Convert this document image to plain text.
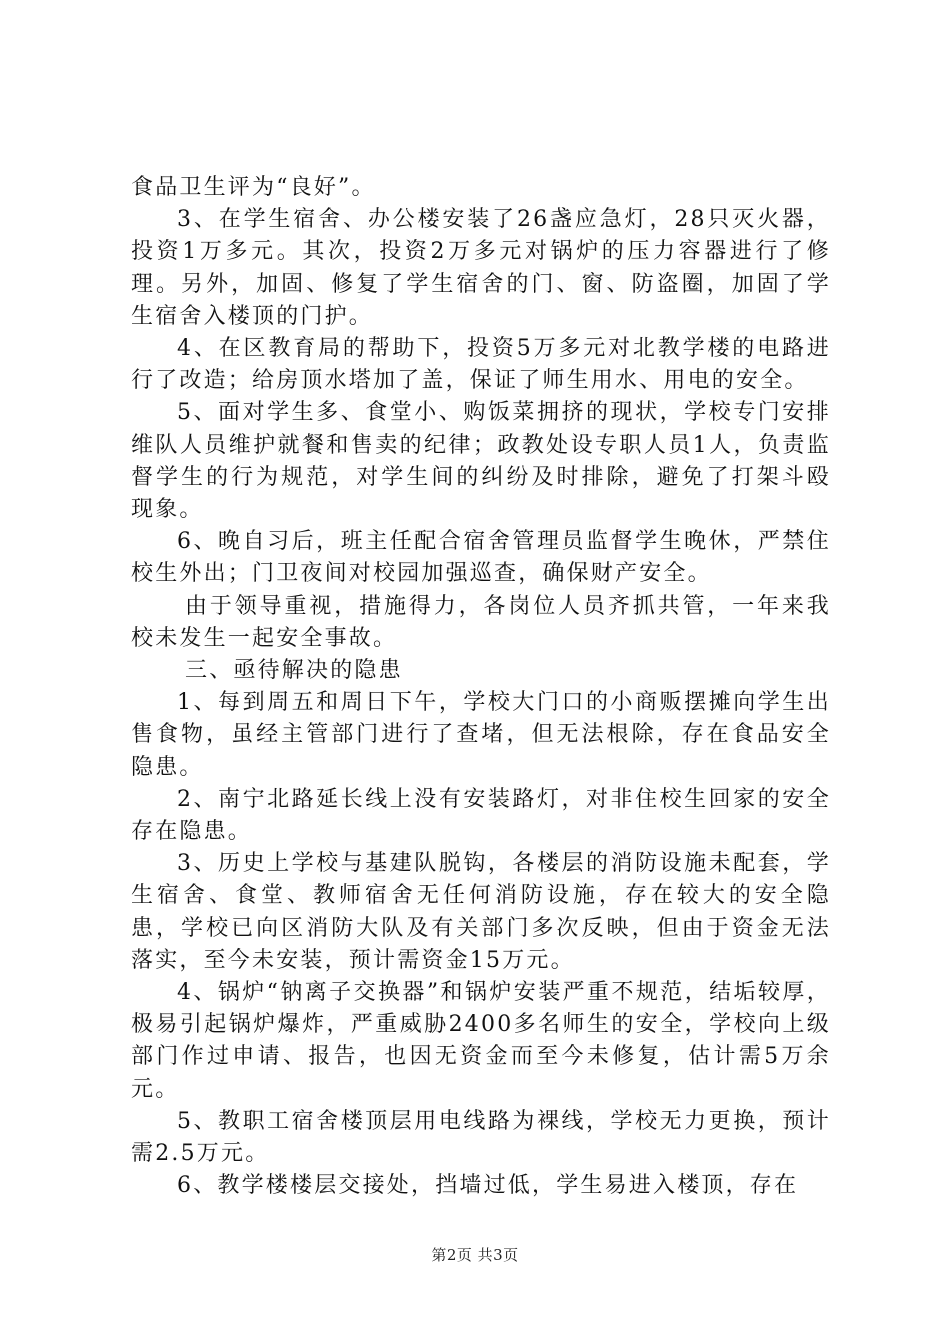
食品卫生评为“良好”。

3、在学生宿舍、办公楼安装了26盏应急灯，28只灭火器，投资1万多元。其次，投资2万多元对锅炉的压力容器进行了修理。另外，加固、修复了学生宿舍的门、窗、防盗圈，加固了学生宿舍入楼顶的门护。

4、在区教育局的帮助下，投资5万多元对北教学楼的电路进行了改造；给房顶水塔加了盖，保证了师生用水、用电的安全。

5、面对学生多、食堂小、购饭菜拥挤的现状，学校专门安排维队人员维护就餐和售卖的纪律；政教处设专职人员1人，负责监督学生的行为规范，对学生间的纠纷及时排除，避免了打架斗殴现象。

6、晚自习后，班主任配合宿舍管理员监督学生晚休，严禁住校生外出；门卫夜间对校园加强巡查，确保财产安全。

由于领导重视，措施得力，各岗位人员齐抓共管，一年来我校未发生一起安全事故。

三、亟待解决的隐患

1、每到周五和周日下午，学校大门口的小商贩摆摊向学生出售食物，虽经主管部门进行了查堵，但无法根除，存在食品安全隐患。

2、南宁北路延长线上没有安装路灯，对非住校生回家的安全存在隐患。

3、历史上学校与基建队脱钩，各楼层的消防设施未配套，学生宿舍、食堂、教师宿舍无任何消防设施，存在较大的安全隐患，学校已向区消防大队及有关部门多次反映，但由于资金无法落实，至今未安装，预计需资金15万元。

4、锅炉“钠离子交换器”和锅炉安装严重不规范，结垢较厚，极易引起锅炉爆炸，严重威胁2400多名师生的安全，学校向上级部门作过申请、报告，也因无资金而至今未修复，估计需5万余元。

5、教职工宿舍楼顶层用电线路为裸线，学校无力更换，预计需2.5万元。

6、教学楼楼层交接处，挡墙过低，学生易进入楼顶，存在

第2页 共3页
